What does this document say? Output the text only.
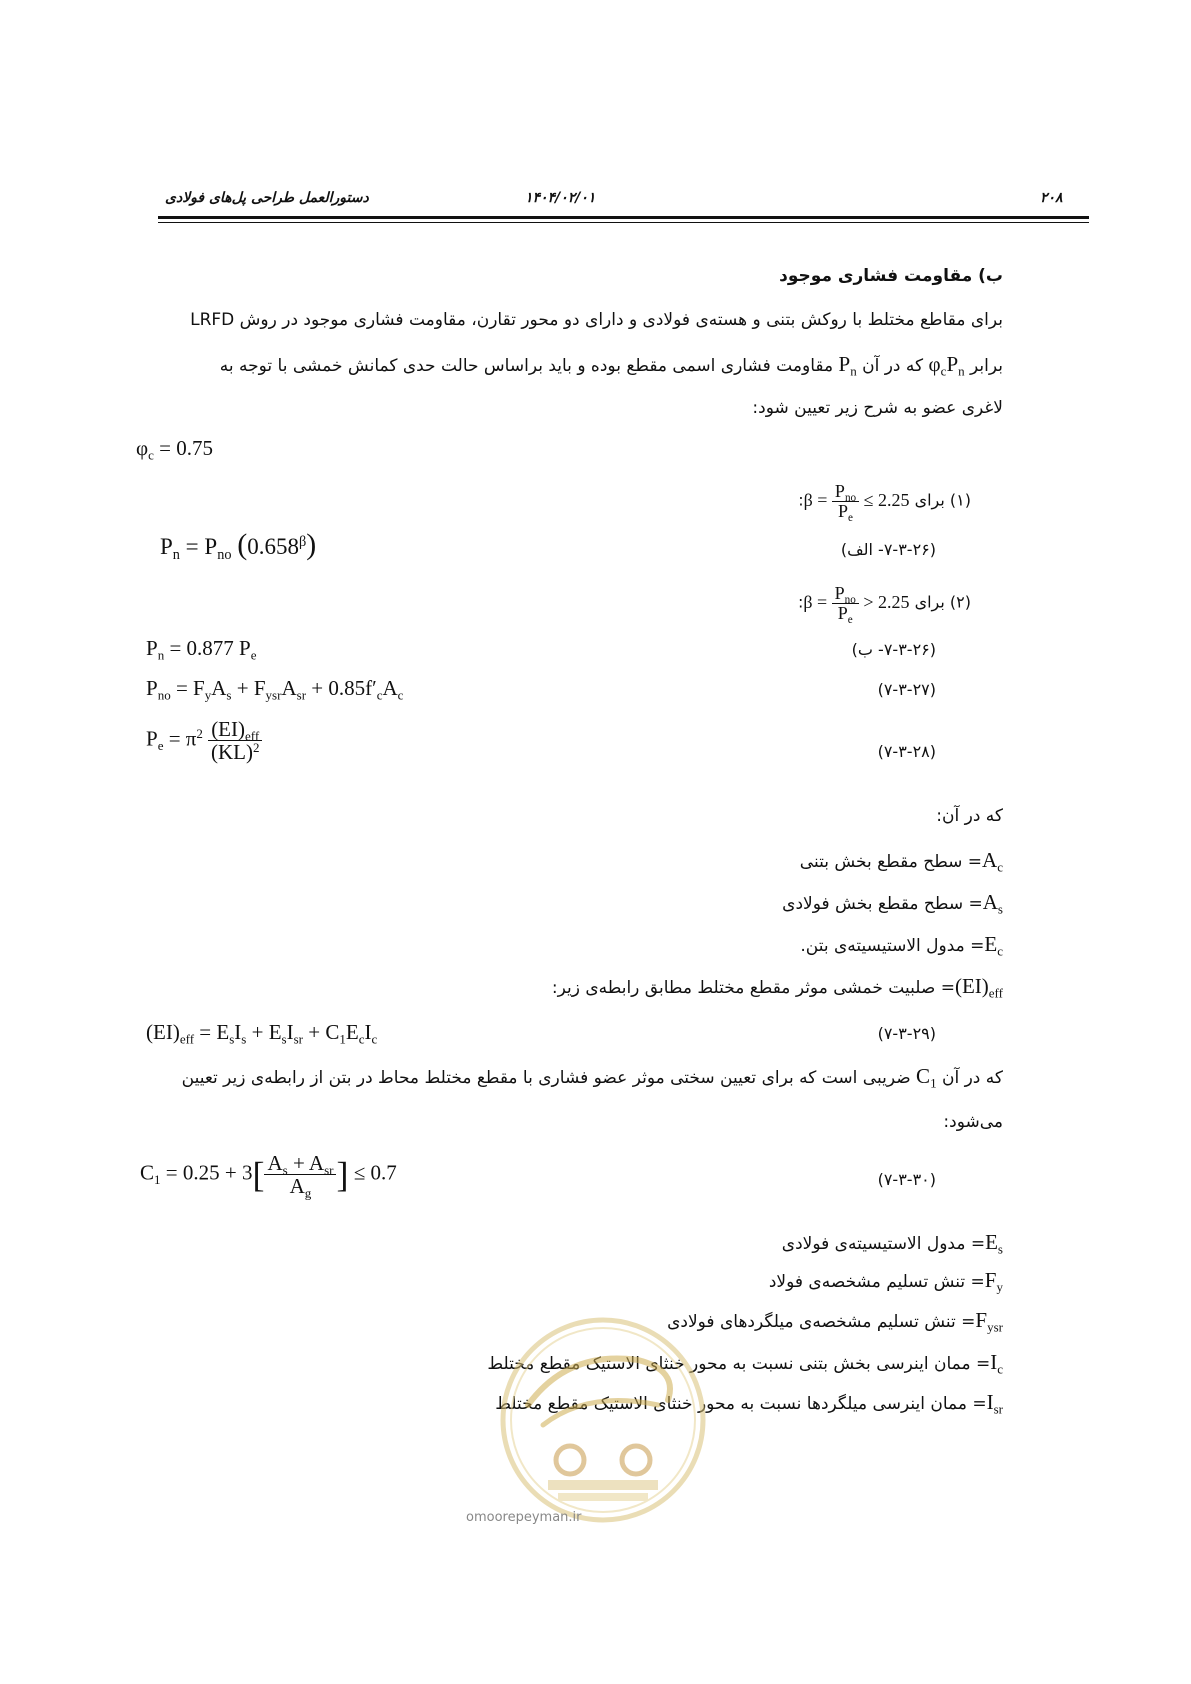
۲۰۸
۱۴۰۴/۰۲/۰۱
دستورالعمل طراحی پل‌های فولادی
ب) مقاومت فشاری موجود
برای مقاطع مختلط با روکش بتنی و هسته‌ی فولادی و دارای دو محور تقارن، مقاومت فشاری موجود در روش LRFD
برابر $\varphi_cP_n$ که در آن $P_n$ مقاومت فشاری اسمی مقطع بوده و باید براساس حالت حدی کمانش خمشی با توجه به
لاغری عضو به شرح زیر تعیین شود:
$\varphi_c = 0.75$
(۱) برای $\beta = \frac{P_{no}}{P_e} \le 2.25$:
$P_n = P_{no}$ $(0.658^\beta)$	(۷-۳-۲۶- الف)
(۲) برای $\beta = \frac{P_{no}}{P_e} > 2.25$:
$P_n = 0.877$ $P_e$	(۷-۳-۲۶- ب)
$P_{no} = F_yA_s + F_{ysr}A_{sr} + 0.85f'_cA_c$	(۷-۳-۲۷)
$P_e = \pi^2 \frac{(EI)_{eff}}{(KL)^2}$	(۷-۳-۲۸)
که در آن:
$A_c=$ سطح مقطع بخش بتنی
$A_s=$ سطح مقطع بخش فولادی
$E_c=$ مدول الاستیسیته‌ی بتن.
$(EI)_{eff}=$ صلبیت خمشی موثر مقطع مختلط مطابق رابطه‌ی زیر:
$(EI)_{eff} = E_sI_s + E_sI_{sr} + C_1E_cI_c$	(۷-۳-۲۹)
که در آن $C_1$ ضریبی است که برای تعیین سختی موثر عضو فشاری با مقطع مختلط محاط در بتن از رابطه‌ی زیر تعیین
می‌شود:
$C_1 = 0.25 + 3[ \frac{A_s + A_{sr}}{A_g}$ ] ≤ 0.7	(۷-۳-۳۰)
$E_s=$ مدول الاستیسیته‌ی فولادی
$F_y=$ تنش تسلیم مشخصه‌ی فولاد
$F_{ysr}=$ تنش تسلیم مشخصه‌ی میلگردهای فولادی
$I_c=$ ممان اینرسی بخش بتنی نسبت به محور خنثای الاستیک مقطع مختلط
$I_{sr}=$ ممان اینرسی میلگردها نسبت به محور خنثای الاستیک مقطع مختلط
omoorepeyman.ir
